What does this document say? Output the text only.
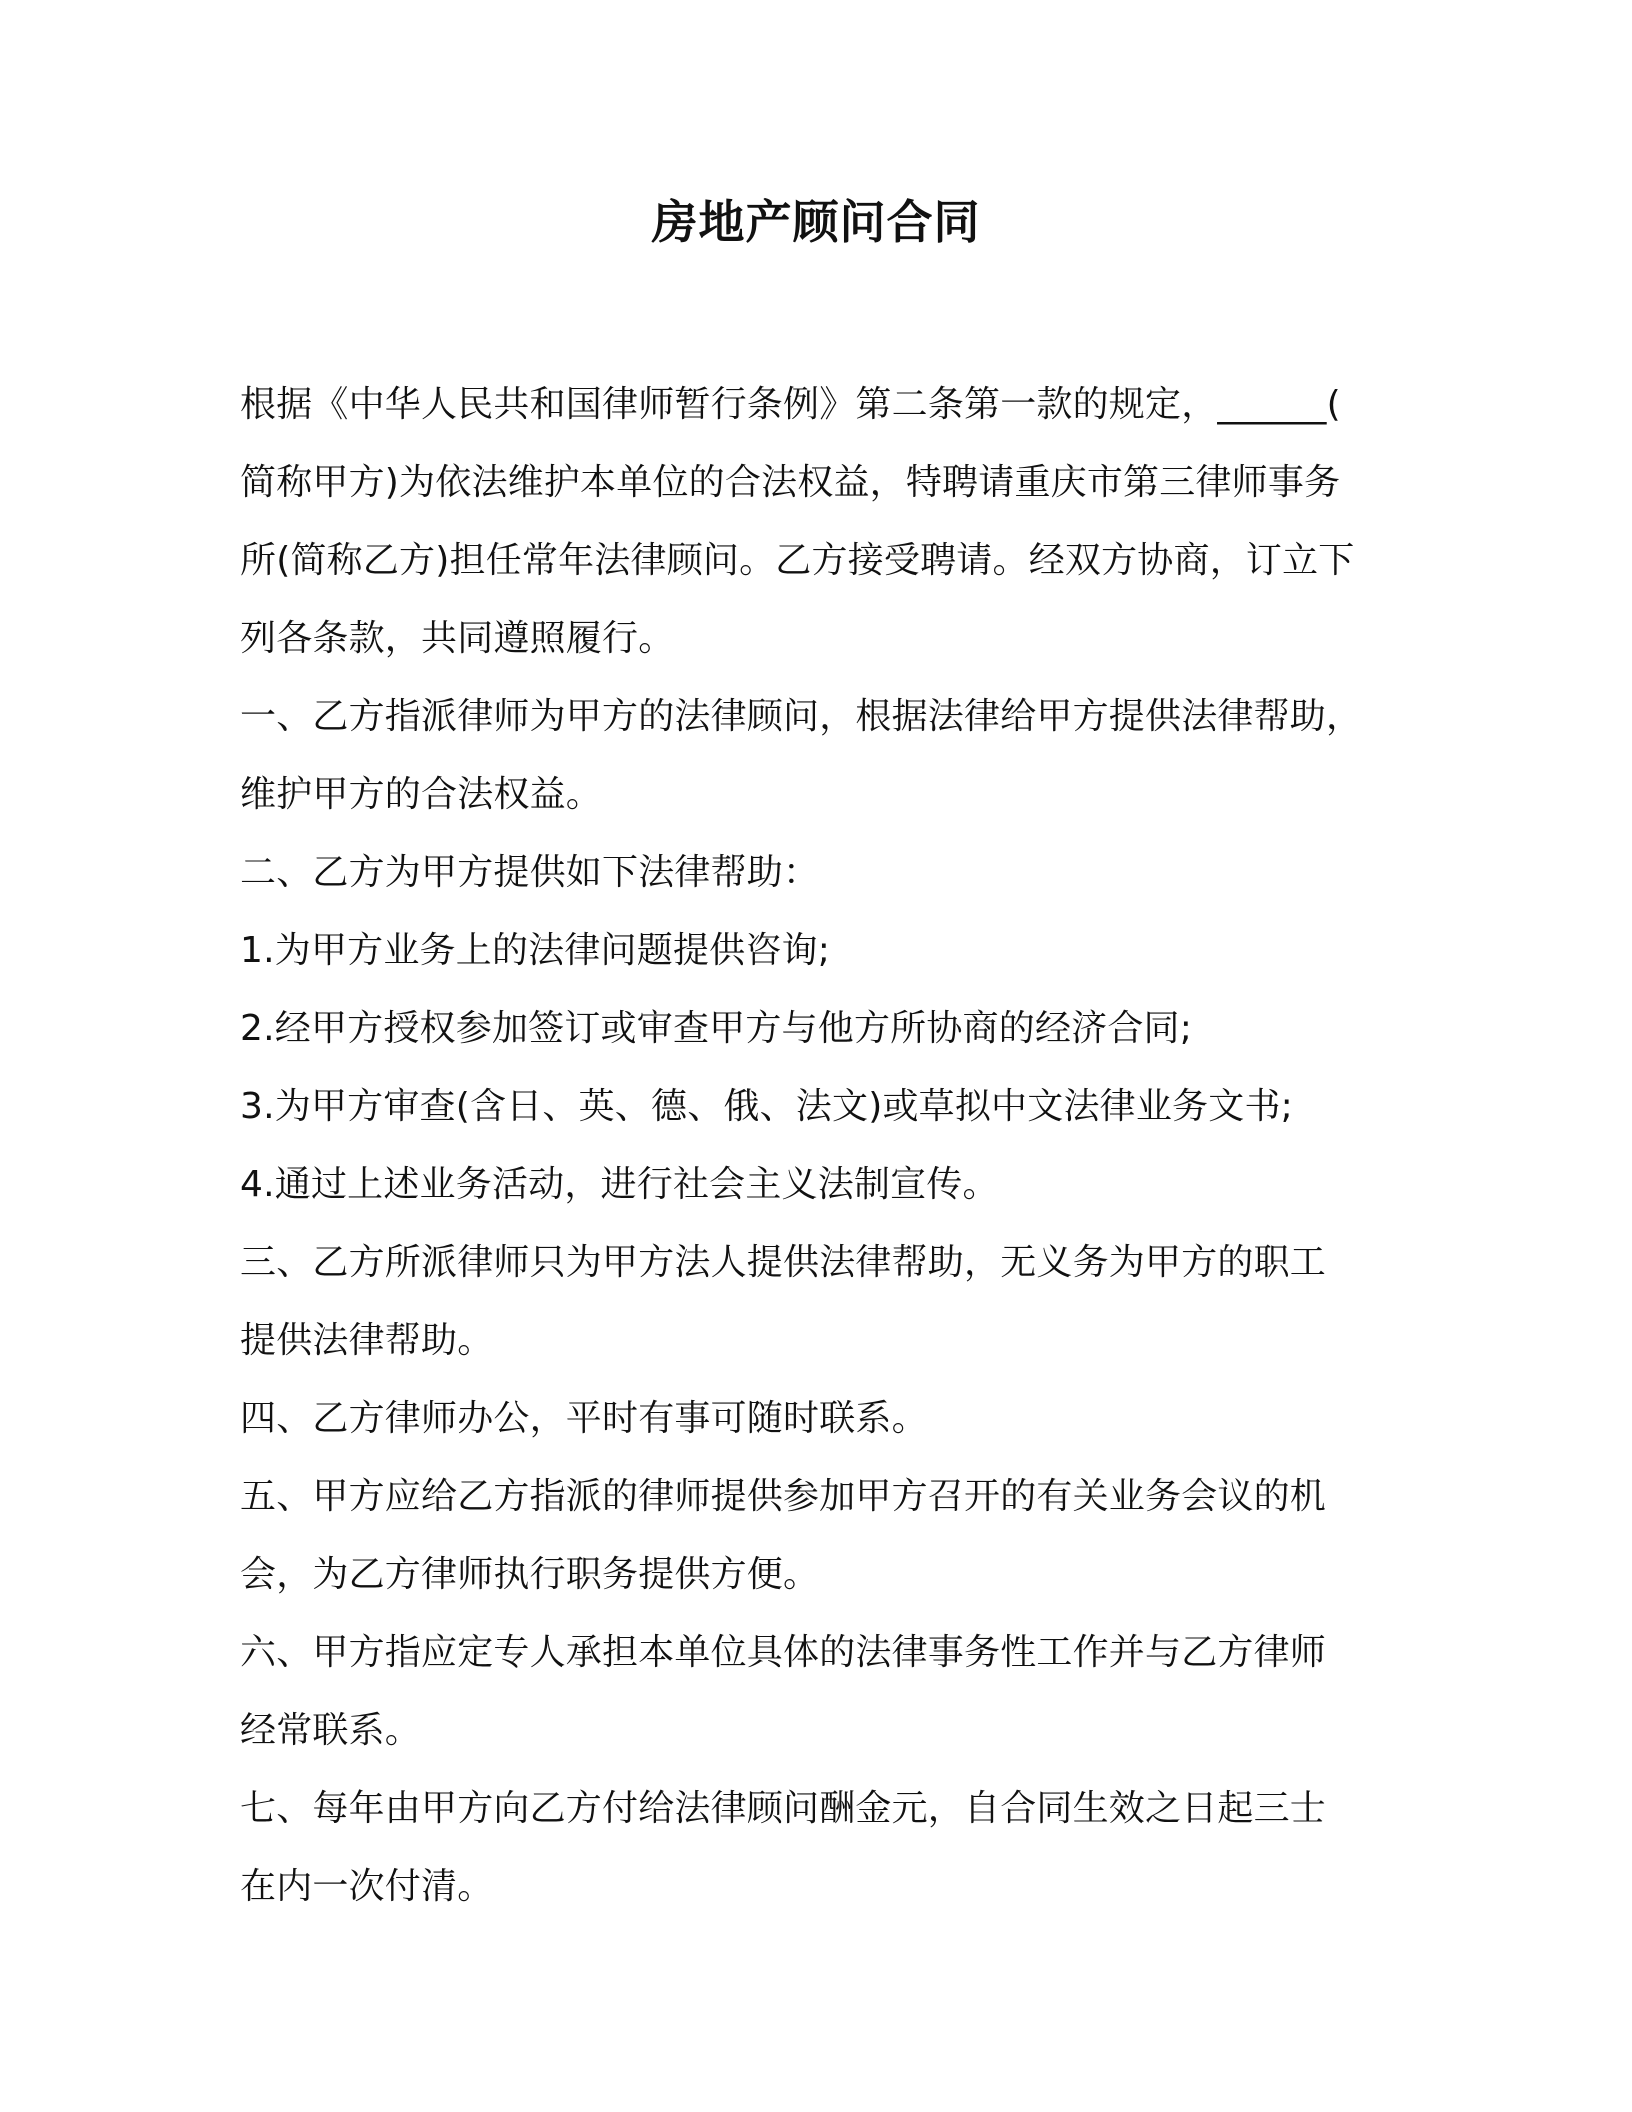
房地产顾问合同
根据《中华人民共和国律师暂行条例》第二条第一款的规定，______(
简称甲方)为依法维护本单位的合法权益，特聘请重庆市第三律师事务
所(简称乙方)担任常年法律顾问。乙方接受聘请。经双方协商，订立下
列各条款，共同遵照履行。
一、乙方指派律师为甲方的法律顾问，根据法律给甲方提供法律帮助，
维护甲方的合法权益。
二、乙方为甲方提供如下法律帮助：
1.为甲方业务上的法律问题提供咨询;
2.经甲方授权参加签订或审查甲方与他方所协商的经济合同;
3.为甲方审查(含日、英、德、俄、法文)或草拟中文法律业务文书;
4.通过上述业务活动，进行社会主义法制宣传。
三、乙方所派律师只为甲方法人提供法律帮助，无义务为甲方的职工
提供法律帮助。
四、乙方律师办公，平时有事可随时联系。
五、甲方应给乙方指派的律师提供参加甲方召开的有关业务会议的机
会，为乙方律师执行职务提供方便。
六、甲方指应定专人承担本单位具体的法律事务性工作并与乙方律师
经常联系。
七、每年由甲方向乙方付给法律顾问酬金元，自合同生效之日起三士
在内一次付清。
